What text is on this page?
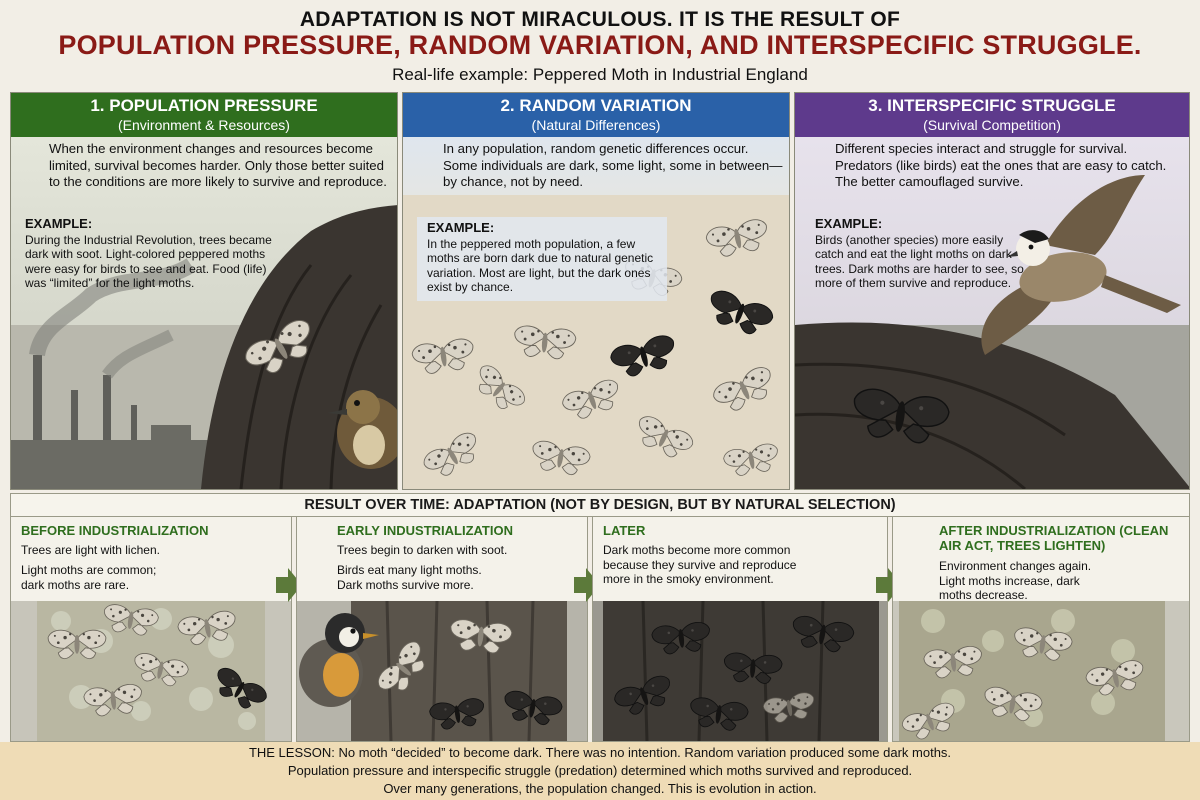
ADAPTATION IS NOT MIRACULOUS. IT IS THE RESULT OF
POPULATION PRESSURE, RANDOM VARIATION, AND INTERSPECIFIC STRUGGLE.
Real-life example: Peppered Moth in Industrial England
1. POPULATION PRESSURE
(Environment & Resources)
When the environment changes and resources become limited, survival becomes harder. Only those better suited to the conditions are more likely to survive and reproduce.
EXAMPLE:
During the Industrial Revolution, trees became dark with soot. Light-colored peppered moths were easy for birds to see and eat. Food (life) was “limited” for the light moths.
2. RANDOM VARIATION
(Natural Differences)
In any population, random genetic differences occur. Some individuals are dark, some light, some in between—by chance, not by need.
EXAMPLE:
In the peppered moth population, a few moths are born dark due to natural genetic variation. Most are light, but the dark ones exist by chance.
3. INTERSPECIFIC STRUGGLE
(Survival Competition)
Different species interact and struggle for survival. Predators (like birds) eat the ones that are easy to catch. The better camouflaged survive.
EXAMPLE:
Birds (another species) more easily catch and eat the light moths on dark trees. Dark moths are harder to see, so more of them survive and reproduce.
RESULT OVER TIME: ADAPTATION (NOT BY DESIGN, BUT BY NATURAL SELECTION)
BEFORE INDUSTRIALIZATION
Trees are light with lichen.
Light moths are common; dark moths are rare.
EARLY INDUSTRIALIZATION
Trees begin to darken with soot.
Birds eat many light moths. Dark moths survive more.
LATER
Dark moths become more common because they survive and reproduce more in the smoky environment.
AFTER INDUSTRIALIZATION (CLEAN AIR ACT, TREES LIGHTEN)
Environment changes again. Light moths increase, dark moths decrease.
THE LESSON: No moth “decided” to become dark. There was no intention. Random variation produced some dark moths.
Population pressure and interspecific struggle (predation) determined which moths survived and reproduced.
Over many generations, the population changed. This is evolution in action.
